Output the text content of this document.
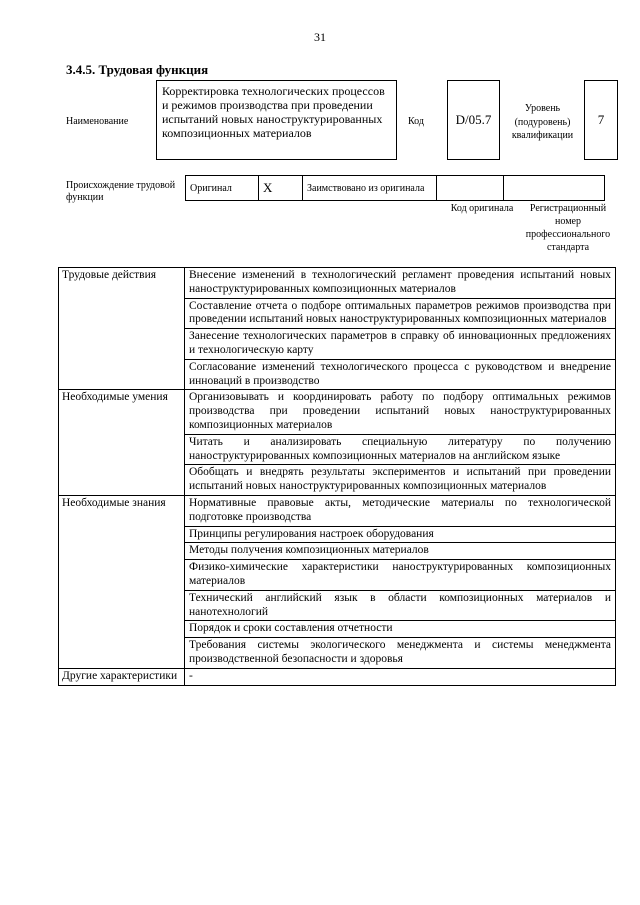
31
3.4.5. Трудовая функция
Наименование
Корректировка технологических процессов и режимов производства при проведении испытаний новых наноструктурированных композиционных материалов
Код	D/05.7
Уровень (подуровень) квалификации
7
Происхождение трудовой функции
Оригинал	X	Заимствовано из оригинала		
Код оригинала	Регистрационный номер профессионального стандарта
Трудовые действия	Внесение изменений в технологический регламент проведения испытаний новых наноструктурированных композиционных материалов
	Составление отчета о подборе оптимальных параметров режимов производства при проведении испытаний новых наноструктурированных композиционных материалов
	Занесение технологических параметров в справку об инновационных предложениях и технологическую карту
	Согласование изменений технологического процесса с руководством и внедрение инноваций в производство
Необходимые умения	Организовывать и координировать работу по подбору оптимальных режимов производства при проведении испытаний новых наноструктурированных композиционных материалов
	Читать и анализировать специальную литературу по получению наноструктурированных композиционных материалов на английском языке
	Обобщать и внедрять результаты экспериментов и испытаний при проведении испытаний новых наноструктурированных композиционных материалов
Необходимые знания	Нормативные правовые акты, методические материалы по технологической подготовке производства
	Принципы регулирования настроек оборудования
	Методы получения композиционных материалов
	Физико-химические характеристики наноструктурированных композиционных материалов
	Технический английский язык в области композиционных материалов и нанотехнологий
	Порядок и сроки составления отчетности
	Требования системы экологического менеджмента и системы менеджмента производственной безопасности и здоровья
Другие характеристики	-
